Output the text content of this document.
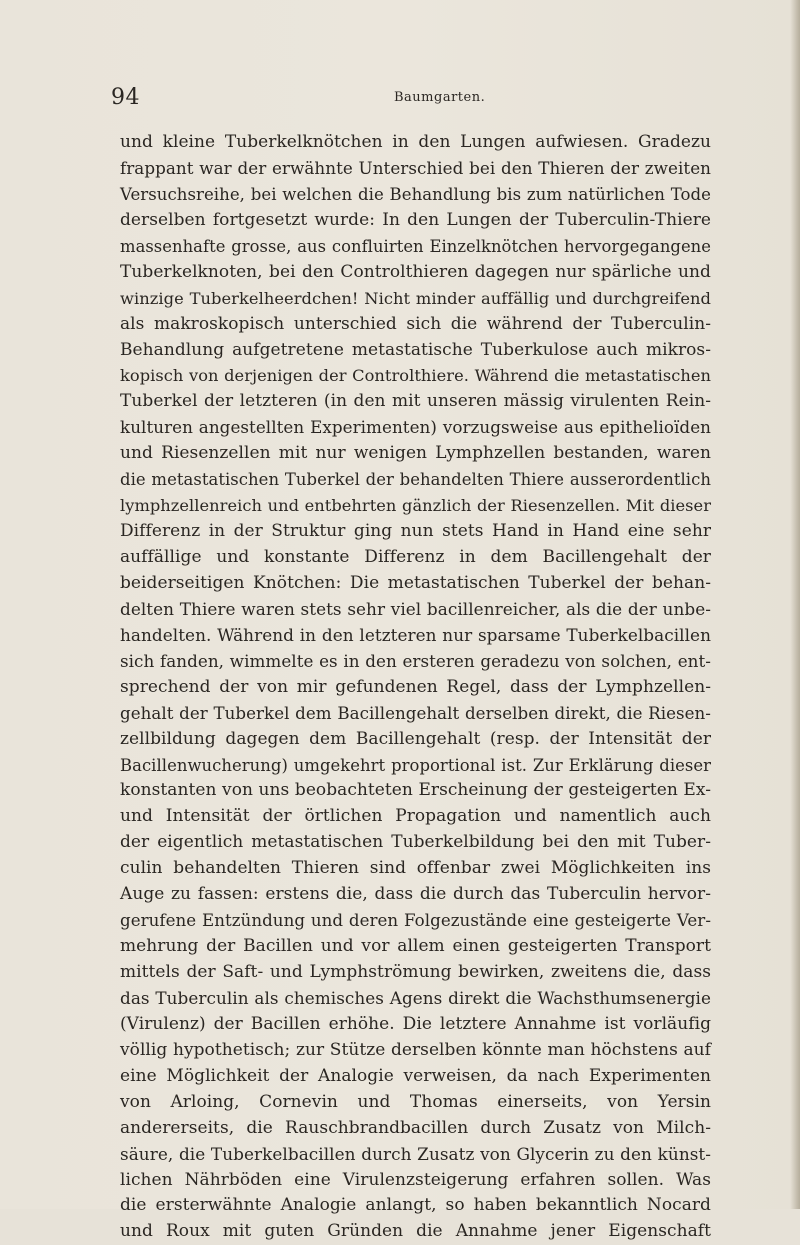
94	Baumgarten.
und kleine Tuberkelknötchen in den Lungen aufwiesen. Gradezu
frappant war der erwähnte Unterschied bei den Thieren der zweiten
Versuchsreihe, bei welchen die Behandlung bis zum natürlichen Tode
derselben fortgesetzt wurde: In den Lungen der Tuberculin-Thiere
massenhafte grosse, aus confluirten Einzelknötchen hervorgegangene
Tuberkelknoten, bei den Controlthieren dagegen nur spärliche und
winzige Tuberkelheerdchen! Nicht minder auffällig und durchgreifend
als makroskopisch unterschied sich die während der Tuberculin-
Behandlung aufgetretene metastatische Tuberkulose auch mikros-
kopisch von derjenigen der Controlthiere. Während die metastatischen
Tuberkel der letzteren (in den mit unseren mässig virulenten Rein-
kulturen angestellten Experimenten) vorzugsweise aus epithelioïden
und Riesenzellen mit nur wenigen Lymphzellen bestanden, waren
die metastatischen Tuberkel der behandelten Thiere ausserordentlich
lymphzellenreich und entbehrten gänzlich der Riesenzellen. Mit dieser
Differenz in der Struktur ging nun stets Hand in Hand eine sehr
auffällige und konstante Differenz in dem Bacillengehalt der
beiderseitigen Knötchen: Die metastatischen Tuberkel der behan-
delten Thiere waren stets sehr viel bacillenreicher, als die der unbe-
handelten. Während in den letzteren nur sparsame Tuberkelbacillen
sich fanden, wimmelte es in den ersteren geradezu von solchen, ent-
sprechend der von mir gefundenen Regel, dass der Lymphzellen-
gehalt der Tuberkel dem Bacillengehalt derselben direkt, die Riesen-
zellbildung dagegen dem Bacillengehalt (resp. der Intensität der
Bacillenwucherung) umgekehrt proportional ist. Zur Erklärung dieser
konstanten von uns beobachteten Erscheinung der gesteigerten Ex-
und Intensität der örtlichen Propagation und namentlich auch
der eigentlich metastatischen Tuberkelbildung bei den mit Tuber-
culin behandelten Thieren sind offenbar zwei Möglichkeiten ins
Auge zu fassen: erstens die, dass die durch das Tuberculin hervor-
gerufene Entzündung und deren Folgezustände eine gesteigerte Ver-
mehrung der Bacillen und vor allem einen gesteigerten Transport
mittels der Saft- und Lymphströmung bewirken, zweitens die, dass
das Tuberculin als chemisches Agens direkt die Wachsthumsenergie
(Virulenz) der Bacillen erhöhe. Die letztere Annahme ist vorläufig
völlig hypothetisch; zur Stütze derselben könnte man höchstens auf
eine Möglichkeit der Analogie verweisen, da nach Experimenten
von Arloing, Cornevin und Thomas einerseits, von Yersin
andererseits, die Rauschbrandbacillen durch Zusatz von Milch-
säure, die Tuberkelbacillen durch Zusatz von Glycerin zu den künst-
lichen Nährböden eine Virulenzsteigerung erfahren sollen. Was
die ersterwähnte Analogie anlangt, so haben bekanntlich Nocard
und Roux mit guten Gründen die Annahme jener Eigenschaft
